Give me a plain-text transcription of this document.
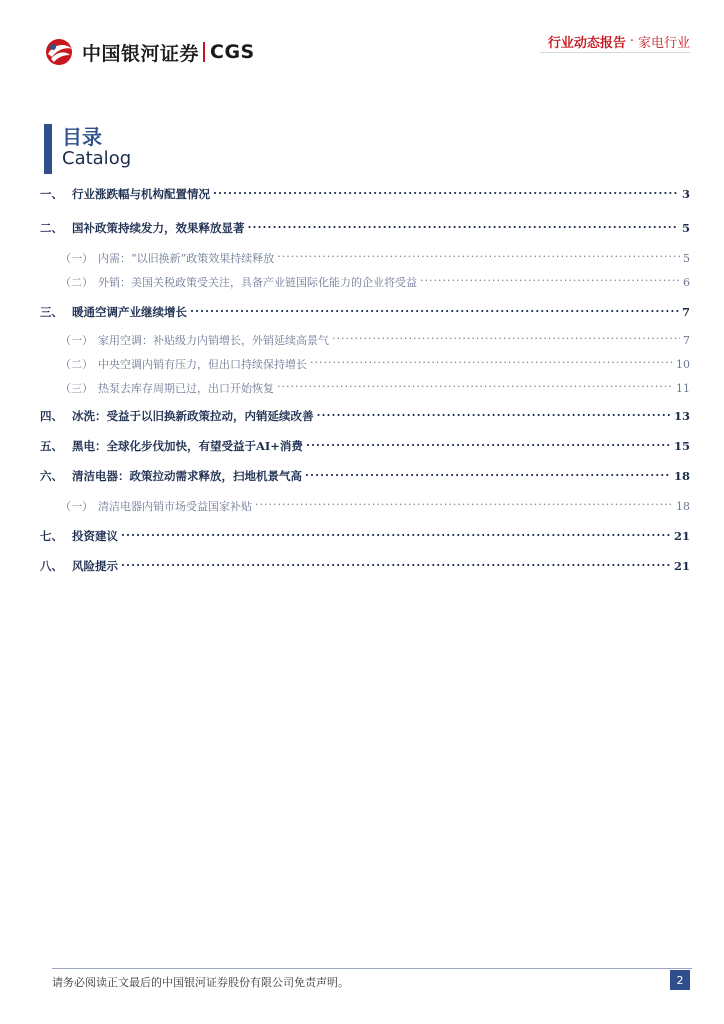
中国银河证券 CGS	行业动态报告 · 家电行业
目录
Catalog
一、 行业涨跌幅与机构配置情况 .....	3
二、 国补政策持续发力，效果释放显著 .....	5
（一） 内需：“以旧换新”政策效果持续释放 .....	5
（二） 外销：美国关税政策受关注，具备产业链国际化能力的企业将受益 .....	6
三、 暖通空调产业继续增长 .....	7
（一） 家用空调：补贴级力内销增长，外销延续高景气 .....	7
（二） 中央空调内销有压力，但出口持续保持增长 .....	10
（三） 热泵去库存周期已过，出口开始恢复 .....	11
四、 冰洗：受益于以旧换新政策拉动，内销延续改善 .....	13
五、 黑电：全球化步伐加快，有望受益于AI+消费 .....	15
六、 清洁电器：政策拉动需求释放，扫地机景气高 .....	18
（一） 清洁电器内销市场受益国家补贴 .....	18
七、 投资建议 .....	21
八、 风险提示 .....	21
请务必阅读正文最后的中国银河证券股份有限公司免责声明。	2
